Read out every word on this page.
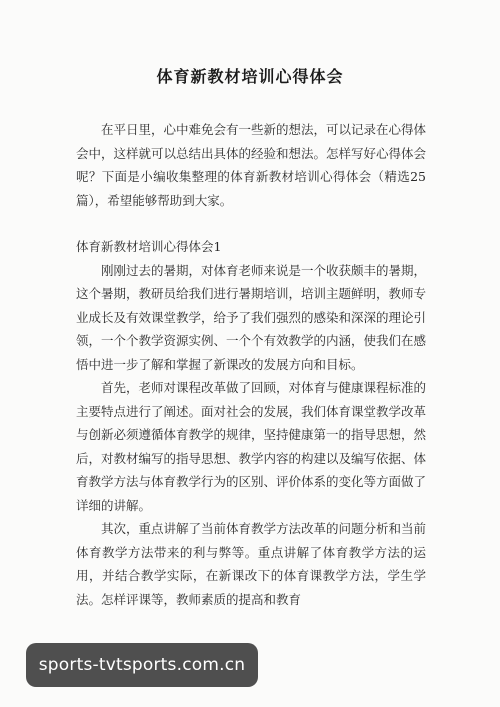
体育新教材培训心得体会

在平日里，心中难免会有一些新的想法，可以记录在心得体会中，这样就可以总结出具体的经验和想法。怎样写好心得体会呢？下面是小编收集整理的体育新教材培训心得体会（精选25篇），希望能够帮助到大家。

体育新教材培训心得体会1

刚刚过去的暑期，对体育老师来说是一个收获颇丰的暑期，这个暑期，教研员给我们进行暑期培训，培训主题鲜明，教师专业成长及有效课堂教学，给予了我们强烈的感染和深深的理论引领，一个个教学资源实例、一个个有效教学的内涵，使我们在感悟中进一步了解和掌握了新课改的发展方向和目标。

首先，老师对课程改革做了回顾，对体育与健康课程标准的主要特点进行了阐述。面对社会的发展，我们体育课堂教学改革与创新必须遵循体育教学的规律，坚持健康第一的指导思想，然后，对教材编写的指导思想、教学内容的构建以及编写依据、体育教学方法与体育教学行为的区别、评价体系的变化等方面做了详细的讲解。

其次，重点讲解了当前体育教学方法改革的问题分析和当前体育教学方法带来的利与弊等。重点讲解了体育教学方法的运用，并结合教学实际，在新课改下的体育课教学方法，学生学法。怎样评课等，教师素质的提高和教育

sports-tvtsports.com.cn
